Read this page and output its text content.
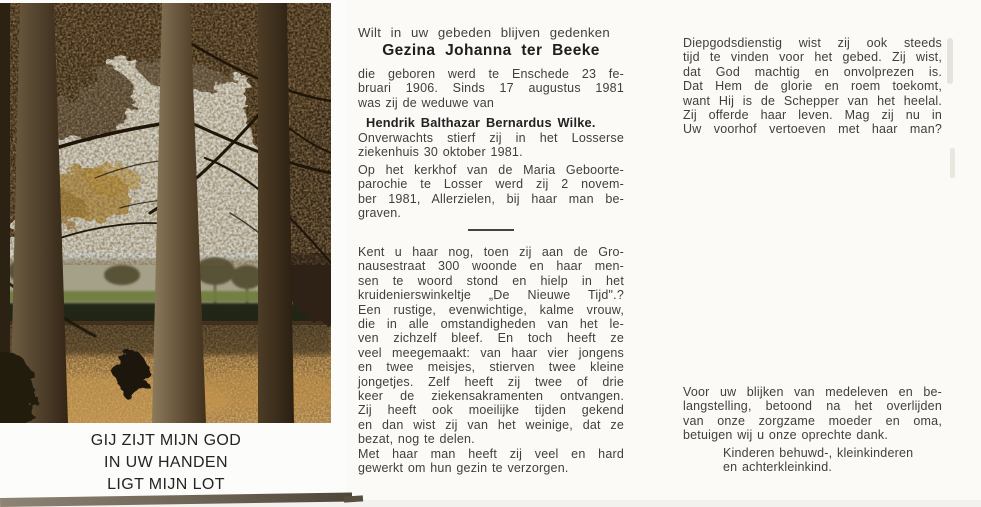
GIJ ZIJT MIJN GOD
IN UW HANDEN
LIGT MIJN LOT
Wilt in uw gebeden blijven gedenken
Gezina Johanna ter Beeke
die geboren werd te Enschede 23 fe-
bruari 1906. Sinds 17 augustus 1981
was zij de weduwe van
Hendrik Balthazar Bernardus Wilke.
Onverwachts stierf zij in het Losserse
ziekenhuis 30 oktober 1981.
Op het kerkhof van de Maria Geboorte-
parochie te Losser werd zij 2 novem-
ber 1981, Allerzielen, bij haar man be-
graven.
Kent u haar nog, toen zij aan de Gro-
nausestraat 300 woonde en haar men-
sen te woord stond en hielp in het
kruidenierswinkeltje „De Nieuwe Tijd".?
Een rustige, evenwichtige, kalme vrouw,
die in alle omstandigheden van het le-
ven zichzelf bleef. En toch heeft ze
veel meegemaakt: van haar vier jongens
en twee meisjes, stierven twee kleine
jongetjes. Zelf heeft zij twee of drie
keer de ziekensakramenten ontvangen.
Zij heeft ook moeilijke tijden gekend
en dan wist zij van het weinige, dat ze
bezat, nog te delen.
Met haar man heeft zij veel en hard
gewerkt om hun gezin te verzorgen.
Diepgodsdienstig wist zij ook steeds
tijd te vinden voor het gebed. Zij wist,
dat God machtig en onvolprezen is.
Dat Hem de glorie en roem toekomt,
want Hij is de Schepper van het heelal.
Zij offerde haar leven. Mag zij nu in
Uw voorhof vertoeven met haar man?
Voor uw blijken van medeleven en be-
langstelling, betoond na het overlijden
van onze zorgzame moeder en oma,
betuigen wij u onze oprechte dank.
Kinderen behuwd-, kleinkinderen
en achterkleinkind.
